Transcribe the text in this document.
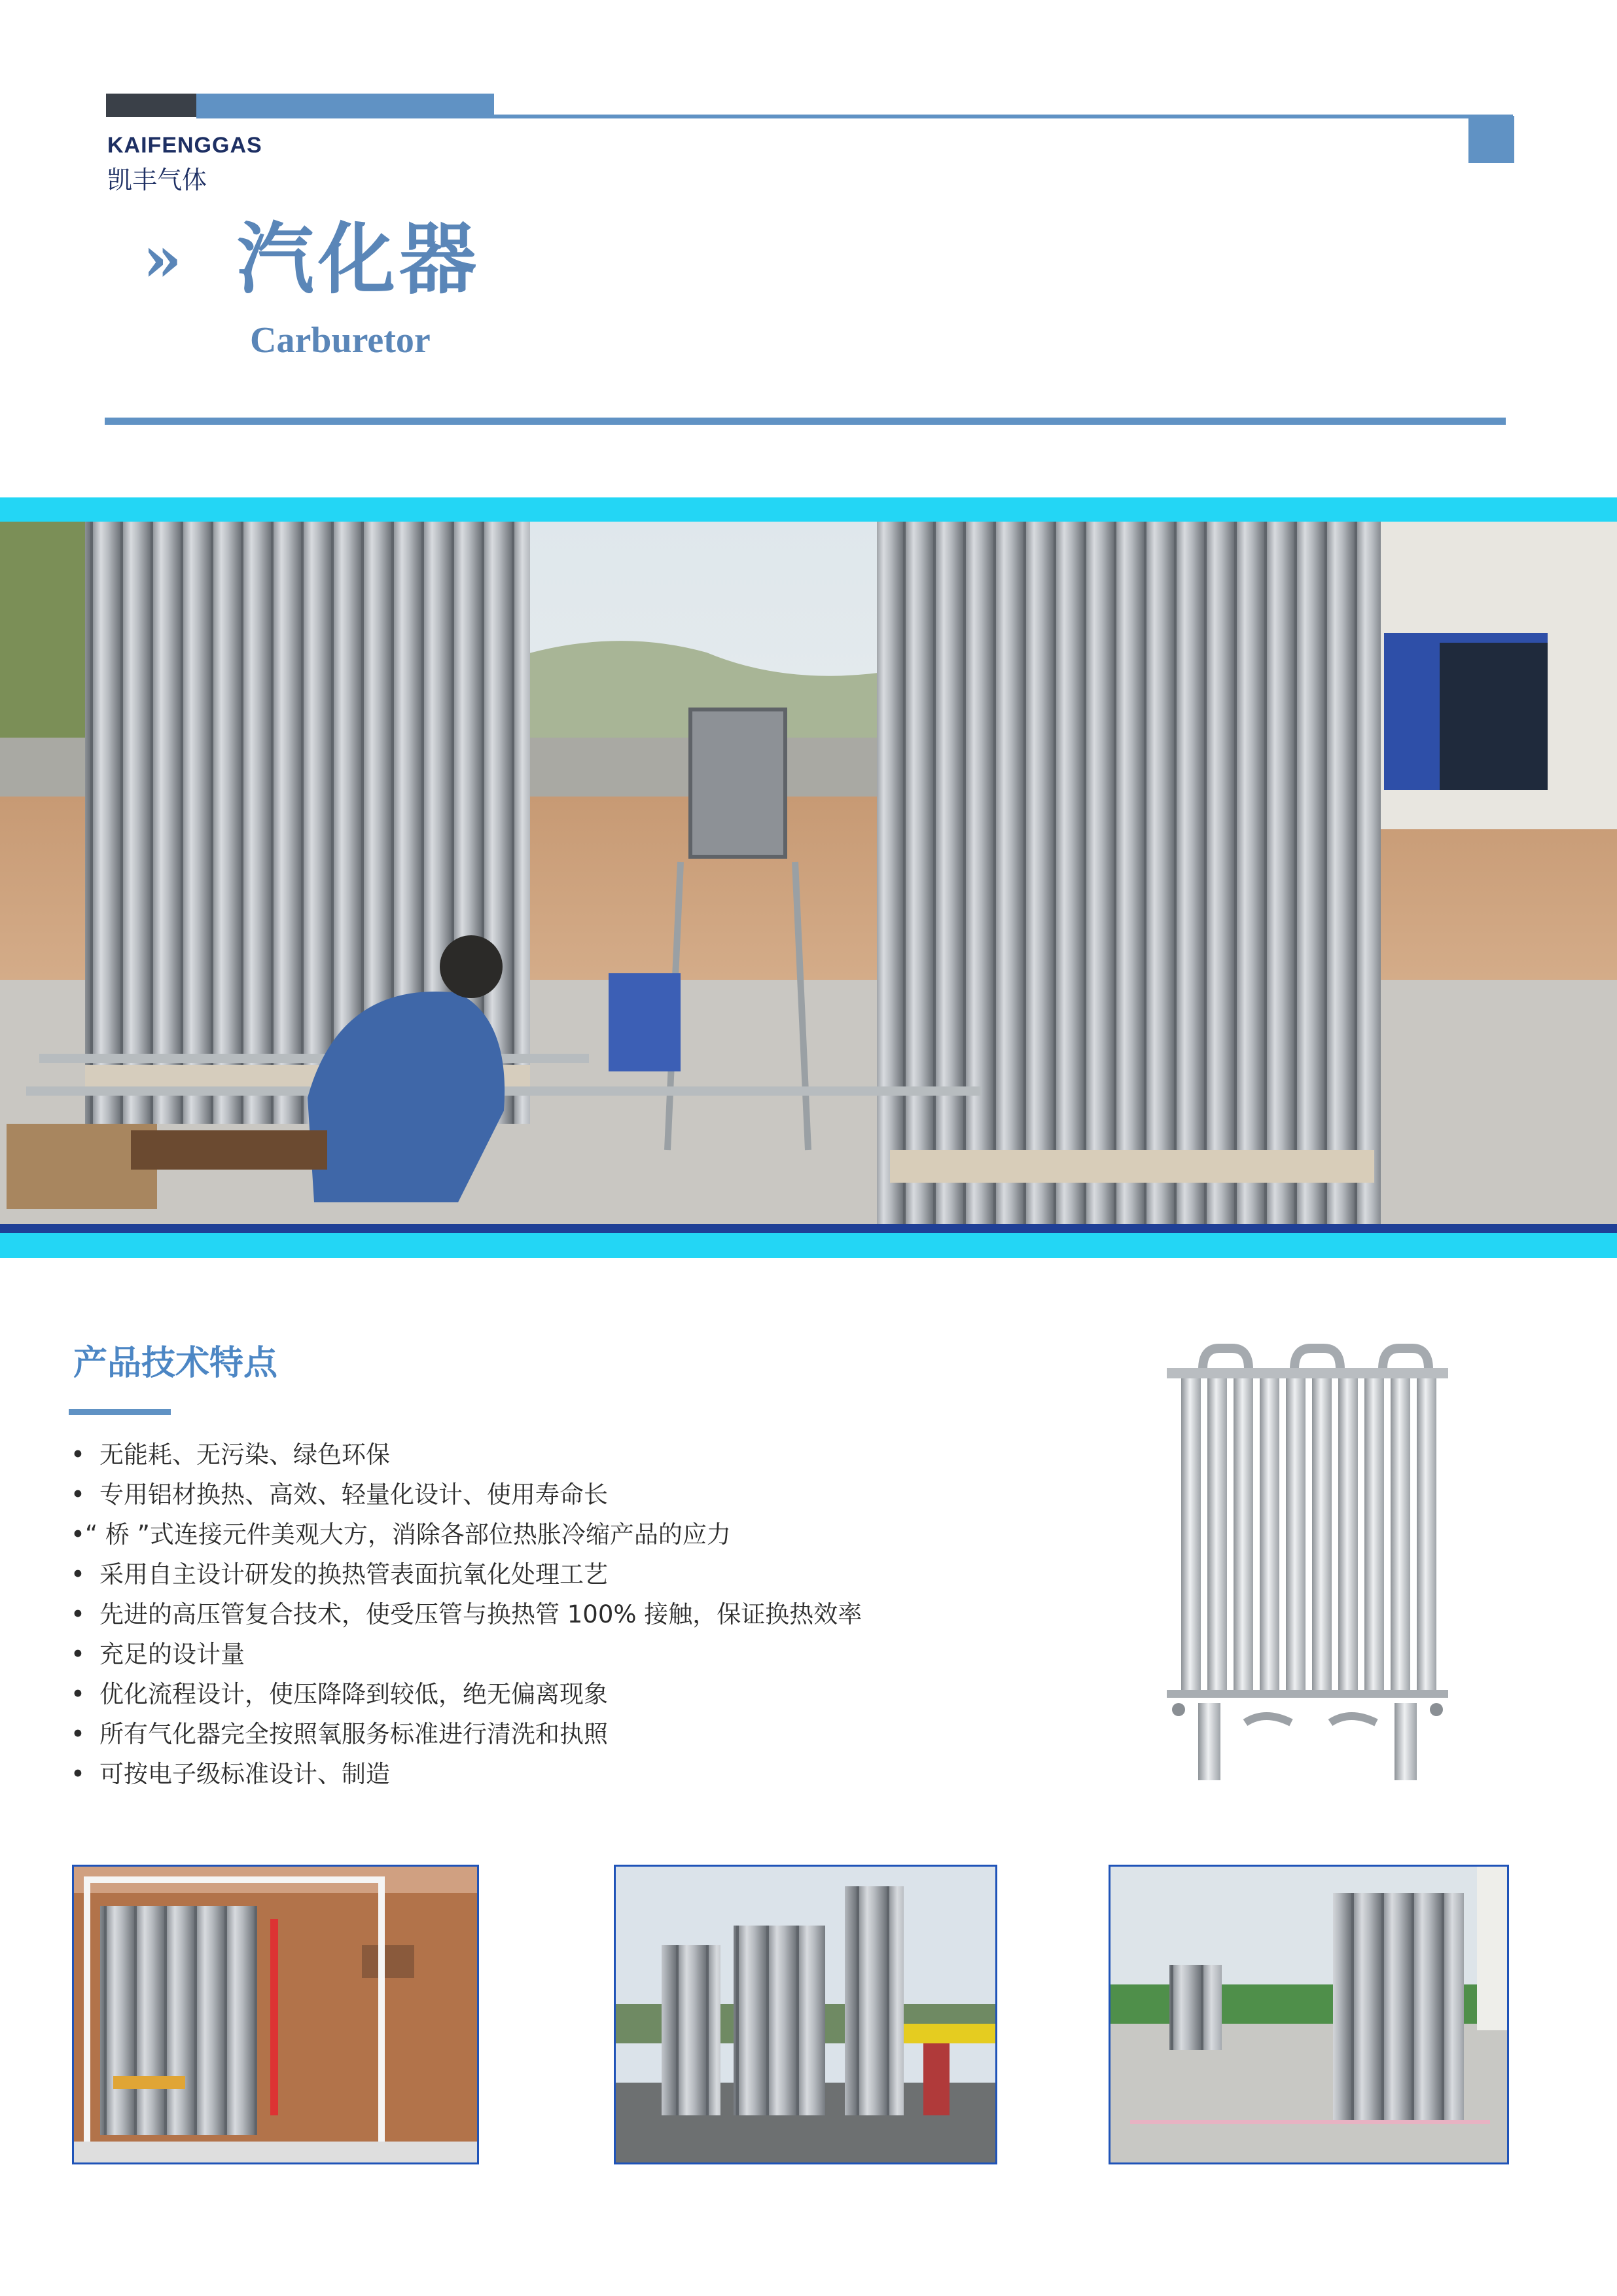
KAIFENGGAS
凯丰气体
» 汽化器
Carburetor
产品技术特点
• 无能耗、无污染、绿色环保
• 专用铝材换热、高效、轻量化设计、使用寿命长
•“ 桥 ”式连接元件美观大方，消除各部位热胀冷缩产品的应力
• 采用自主设计研发的换热管表面抗氧化处理工艺
• 先进的高压管复合技术，使受压管与换热管 100% 接触，保证换热效率
• 充足的设计量
• 优化流程设计，使压降降到较低，绝无偏离现象
• 所有气化器完全按照氧服务标准进行清洗和执照
• 可按电子级标准设计、制造
